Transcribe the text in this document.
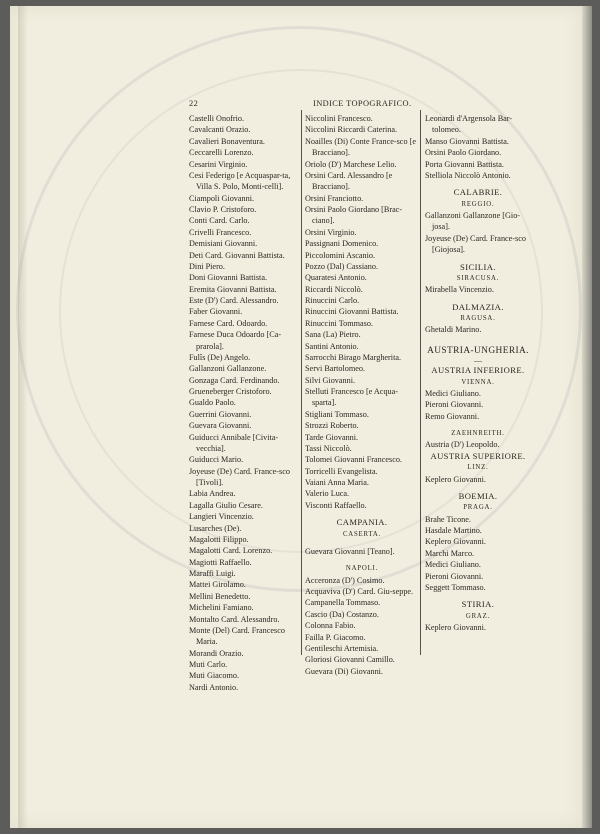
22	INDICE TOPOGRAFICO.
Castelli Onofrio.
Cavalcanti Orazio.
Cavalieri Bonaventura.
Ceccarelli Lorenzo.
Cesarini Virginio.
Cesi Federigo [e Acquaspar-ta, Villa S. Polo, Monti-celli].
Ciampoli Giovanni.
Clavio P. Cristoforo.
Conti Card. Carlo.
Crivelli Francesco.
Demisiani Giovanni.
Deti Card. Giovanni Battista.
Dini Piero.
Doni Giovanni Battista.
Eremita Giovanni Battista.
Este (D') Card. Alessandro.
Faber Giovanni.
Farnese Card. Odoardo.
Farnese Duca Odoardo [Ca-prarola].
Fulîs (De) Angelo.
Gallanzoni Gallanzone.
Gonzaga Card. Ferdinando.
Grueneberger Cristoforo.
Gualdo Paolo.
Guerrini Giovanni.
Guevara Giovanni.
Guiducci Annibale [Civita-vecchia].
Guiducci Mario.
Joyeuse (De) Card. France-sco [Tivoli].
Labia Andrea.
Lagalla Giulio Cesare.
Langieri Vincenzio.
Lusarches (De).
Magalotti Filippo.
Magalotti Card. Lorenzo.
Magiotti Raffaello.
Maraffi Luigi.
Mattei Girolamo.
Mellini Benedetto.
Michelini Famiano.
Montalto Card. Alessandro.
Monte (Del) Card. Francesco Maria.
Morandi Orazio.
Muti Carlo.
Muti Giacomo.
Nardi Antonio.
Niccolini Francesco.
Niccolini Riccardi Caterina.
Noailles (Di) Conte France-sco [e Bracciano].
Oriolo (D') Marchese Lelio.
Orsini Card. Alessandro [e Bracciano].
Orsini Franciotto.
Orsini Paolo Giordano [Brac-ciano].
Orsini Virginio.
Passignani Domenico.
Piccolomini Ascanio.
Pozzo (Dal) Cassiano.
Quaratesi Antonio.
Riccardi Niccolò.
Rinuccini Carlo.
Rinuccini Giovanni Battista.
Rinuccini Tommaso.
Sana (La) Pietro.
Santini Antonio.
Sarrocchi Birago Margherita.
Servi Bartolomeo.
Silvi Giovanni.
Stelluti Francesco [e Acqua-sparta].
Stigliani Tommaso.
Strozzi Roberto.
Tarde Giovanni.
Tassi Niccolò.
Tolomei Giovanni Francesco.
Torricelli Evangelista.
Vaiani Anna Maria.
Valerio Luca.
Visconti Raffaello.
CAMPANIA.
CASERTA.
Guevara Giovanni [Teano].
NAPOLI.
Acceronza (D') Cosimo.
Acquaviva (D') Card. Giu-seppe.
Campanella Tommaso.
Cascio (Da) Costanzo.
Colonna Fabio.
Failla P. Giacomo.
Gentileschi Artemisia.
Gloriosi Giovanni Camillo.
Guevara (Di) Giovanni.
Leonardi d'Argensola Bar-tolomeo.
Manso Giovanni Battista.
Orsini Paolo Giordano.
Porta Giovanni Battista.
Stelliola Niccolò Antonio.
CALABRIE.
REGGIO.
Gallanzoni Gallanzone [Gio-josa].
Joyeuse (De) Card. France-sco [Giojosa].
SICILIA.
SIRACUSA.
Mirabella Vincenzio.
DALMAZIA.
RAGUSA.
Ghetaldi Marino.
AUSTRIA-UNGHERIA.
—
AUSTRIA INFERIORE.
VIENNA.
Medici Giuliano.
Pieroni Giovanni.
Remo Giovanni.
ZAEHNREITH.
Austria (D') Leopoldo.
AUSTRIA SUPERIORE.
LINZ.
Keplero Giovanni.
BOEMIA.
PRAGA.
Brahe Ticone.
Hasdale Martino.
Keplero Giovanni.
Marchi Marco.
Medici Giuliano.
Pieroni Giovanni.
Seggett Tommaso.
STIRIA.
GRAZ.
Keplero Giovanni.
